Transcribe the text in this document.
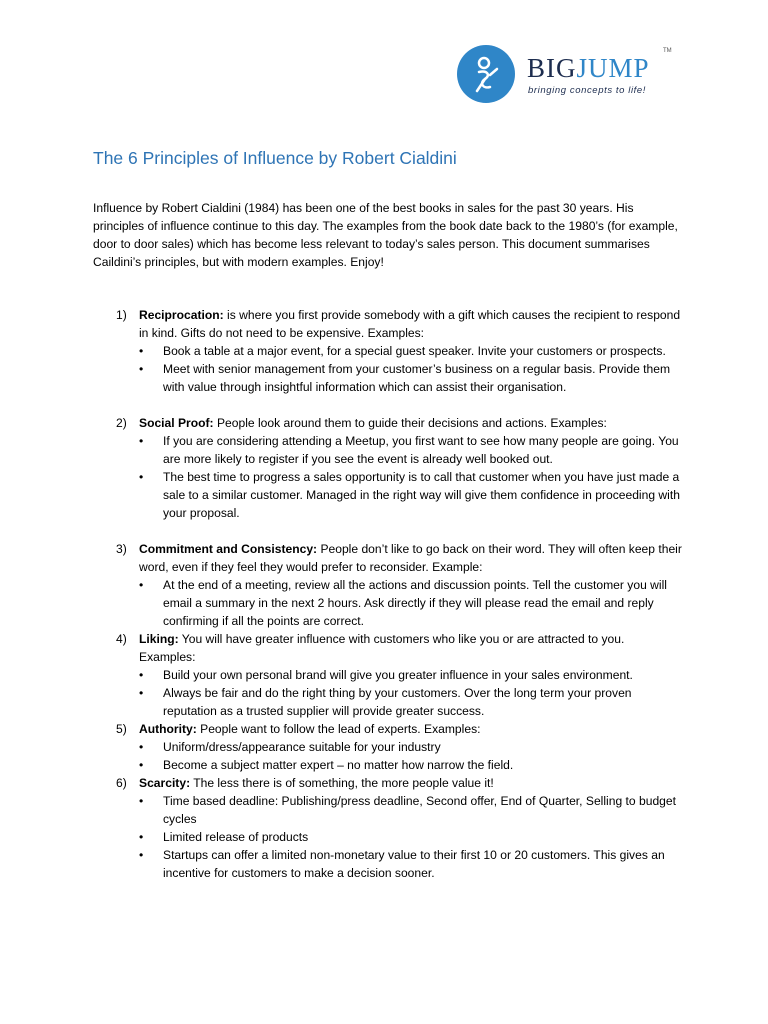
BIGJUMP
TM
bringing concepts to life!
The 6 Principles of Influence by Robert Cialdini

Influence by Robert Cialdini (1984) has been one of the best books in sales for the past 30 years. His principles of influence continue to this day. The examples from the book date back to the 1980’s (for example, door to door sales) which has become less relevant to today’s sales person. This document summarises Caildini’s principles, but with modern examples. Enjoy!

1) Reciprocation: is where you first provide somebody with a gift which causes the recipient to respond in kind. Gifts do not need to be expensive. Examples:
• Book a table at a major event, for a special guest speaker. Invite your customers or prospects.
• Meet with senior management from your customer’s business on a regular basis. Provide them with value through insightful information which can assist their organisation.
2) Social Proof: People look around them to guide their decisions and actions. Examples:
• If you are considering attending a Meetup, you first want to see how many people are going. You are more likely to register if you see the event is already well booked out.
• The best time to progress a sales opportunity is to call that customer when you have just made a sale to a similar customer. Managed in the right way will give them confidence in proceeding with your proposal.
3) Commitment and Consistency: People don’t like to go back on their word. They will often keep their word, even if they feel they would prefer to reconsider. Example:
• At the end of a meeting, review all the actions and discussion points. Tell the customer you will email a summary in the next 2 hours. Ask directly if they will please read the email and reply confirming if all the points are correct.
4) Liking: You will have greater influence with customers who like you or are attracted to you. Examples:
• Build your own personal brand will give you greater influence in your sales environment.
• Always be fair and do the right thing by your customers. Over the long term your proven reputation as a trusted supplier will provide greater success.
5) Authority: People want to follow the lead of experts. Examples:
• Uniform/dress/appearance suitable for your industry
• Become a subject matter expert – no matter how narrow the field.
6) Scarcity: The less there is of something, the more people value it!
• Time based deadline: Publishing/press deadline, Second offer, End of Quarter, Selling to budget cycles
• Limited release of products
• Startups can offer a limited non-monetary value to their first 10 or 20 customers. This gives an incentive for customers to make a decision sooner.
